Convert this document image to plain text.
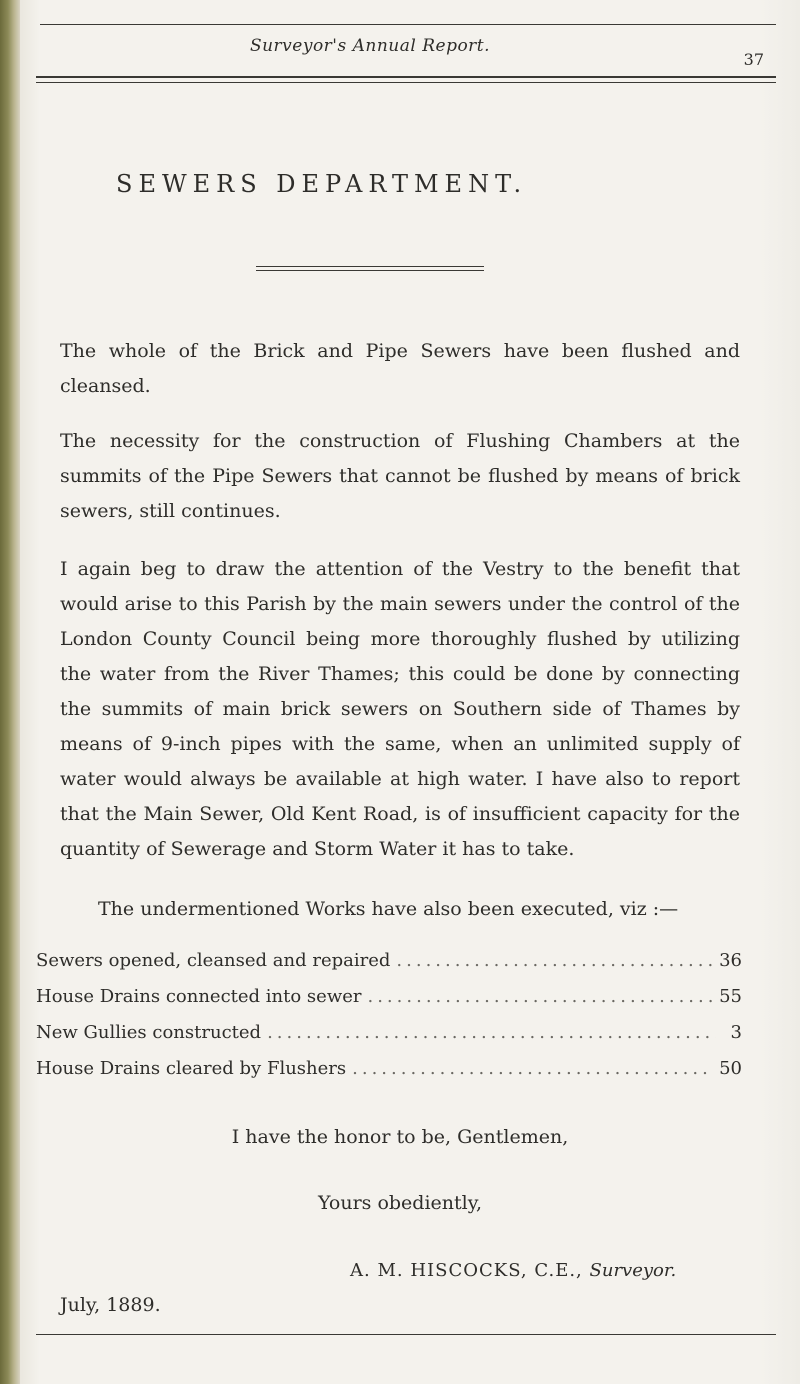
Surveyor's Annual Report.
37
SEWERS DEPARTMENT.

The whole of the Brick and Pipe Sewers have been flushed and cleansed.

The necessity for the construction of Flushing Chambers at the summits of the Pipe Sewers that cannot be flushed by means of brick sewers, still continues.

I again beg to draw the attention of the Vestry to the benefit that would arise to this Parish by the main sewers under the control of the London County Council being more thoroughly flushed by utilizing the water from the River Thames; this could be done by connecting the summits of main brick sewers on Southern side of Thames by means of 9-inch pipes with the same, when an unlimited supply of water would always be available at high water. I have also to report that the Main Sewer, Old Kent Road, is of insufficient capacity for the quantity of Sewerage and Storm Water it has to take.

The undermentioned Works have also been executed, viz :—
Sewers opened, cleansed and repaired .....	36
House Drains connected into sewer .....	55
New Gullies constructed .....	3
House Drains cleared by Flushers .....	50
I have the honor to be, Gentlemen,
Yours obediently,
A. M. HISCOCKS, C.E., Surveyor.
July, 1889.
